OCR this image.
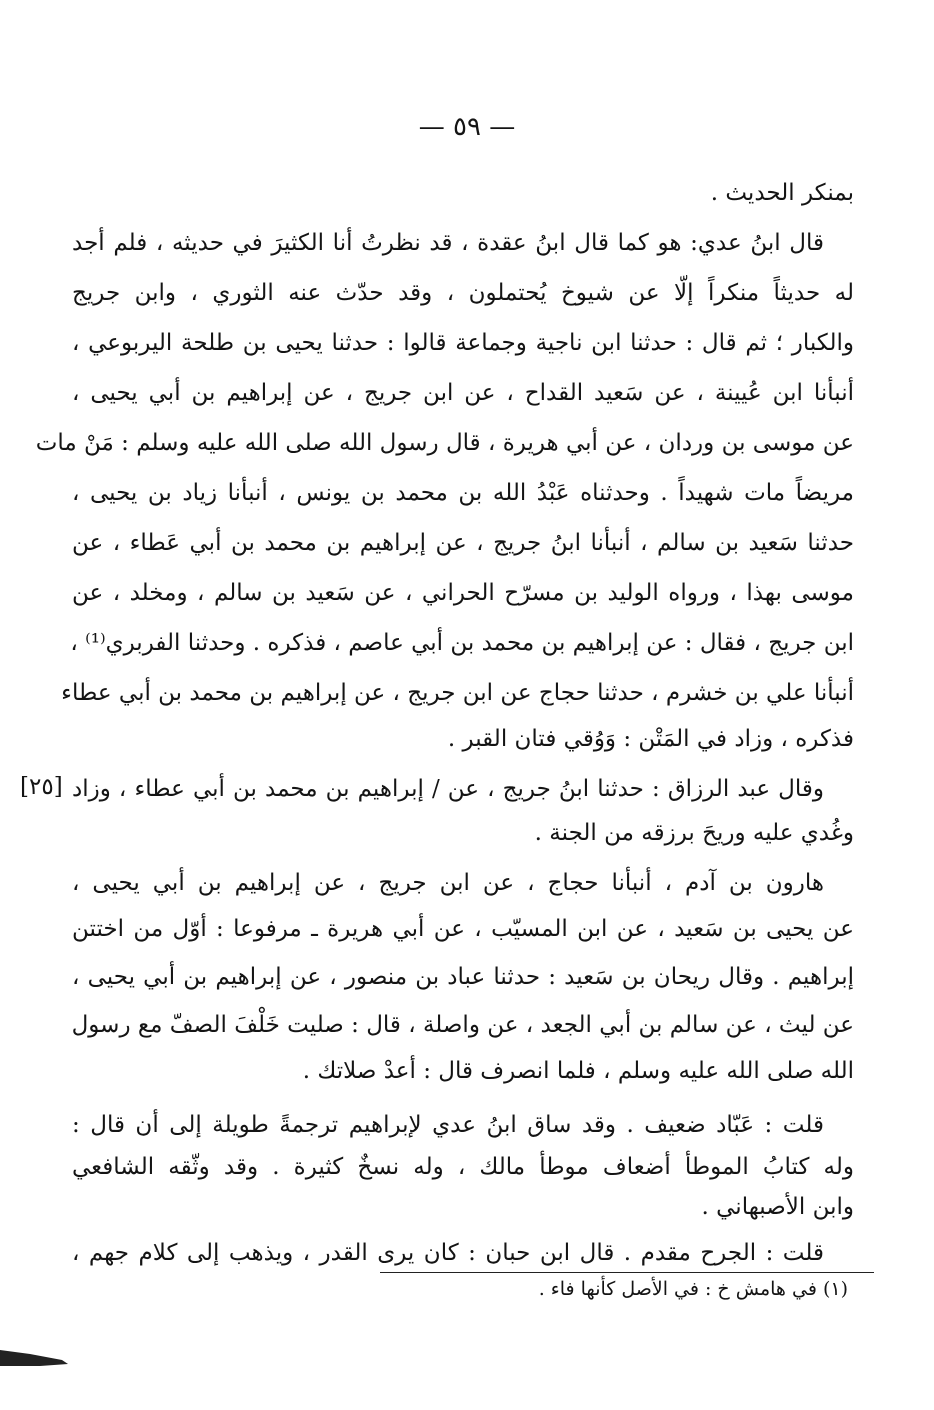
— ٥٩ —
بمنكر الحديث .
قال ابنُ عدي: هو كما قال ابنُ عقدة ، قد نظرتُ أنا الكثيرَ في حديثه ، فلم أجد
له حديثاً منكراً إلّا عن شيوخ يُحتملون ، وقد حدّث عنه الثوري ، وابن جريج
والكبار ؛ ثم قال : حدثنا ابن ناجية وجماعة قالوا : حدثنا يحيى بن طلحة اليربوعي ،
أنبأنا ابن عُيينة ، عن سَعيد القداح ، عن ابن جريج ، عن إبراهيم بن أبي يحيى ،
عن موسى بن وردان ، عن أبي هريرة ، قال رسول الله صلى الله عليه وسلم : مَنْ مات
مريضاً مات شهيداً . وحدثناه عَبْدُ الله بن محمد بن يونس ، أنبأنا زياد بن يحيى ،
حدثنا سَعيد بن سالم ، أنبأنا ابنُ جريج ، عن إبراهيم بن محمد بن أبي عَطاء ، عن
موسى بهذا ، ورواه الوليد بن مسرّح الحراني ، عن سَعيد بن سالم ، ومخلد ، عن
ابن جريج ، فقال : عن إبراهيم بن محمد بن أبي عاصم ، فذكره . وحدثنا الفربري⁽¹⁾ ،
أنبأنا علي بن خشرم ، حدثنا حجاج عن ابن جريج ، عن إبراهيم بن محمد بن أبي عطاء
فذكره ، وزاد في المَتْن : وَوُقي فتان القبر .
[٢٥] وقال عبد الرزاق : حدثنا ابنُ جريج ، عن / إبراهيم بن محمد بن أبي عطاء ، وزاد
وغُدي عليه وريحَ برزقه من الجنة .
هارون بن آدم ، أنبأنا حجاج ، عن ابن جريج ، عن إبراهيم بن أبي يحيى ،
عن يحيى بن سَعيد ، عن ابن المسيّب ، عن أبي هريرة ـ مرفوعا : أوّل من اختتن
إبراهيم . وقال ريحان بن سَعيد : حدثنا عباد بن منصور ، عن إبراهيم بن أبي يحيى ،
عن ليث ، عن سالم بن أبي الجعد ، عن واصلة ، قال : صليت خَلْفَ الصفّ مع رسول
الله صلى الله عليه وسلم ، فلما انصرف قال : أعدْ صلاتك .
قلت : عَبّاد ضعيف . وقد ساق ابنُ عدي لإبراهيم ترجمةً طويلة إلى أن قال :
وله كتابُ الموطأ أضعاف موطأ مالك ، وله نسخٌ كثيرة . وقد وثّقه الشافعي
وابن الأصبهاني .
قلت : الجرح مقدم . قال ابن حبان : كان يرى القدر ، ويذهب إلى كلام جهم ،
(١) في هامش خ : في الأصل كأنها فاء .
